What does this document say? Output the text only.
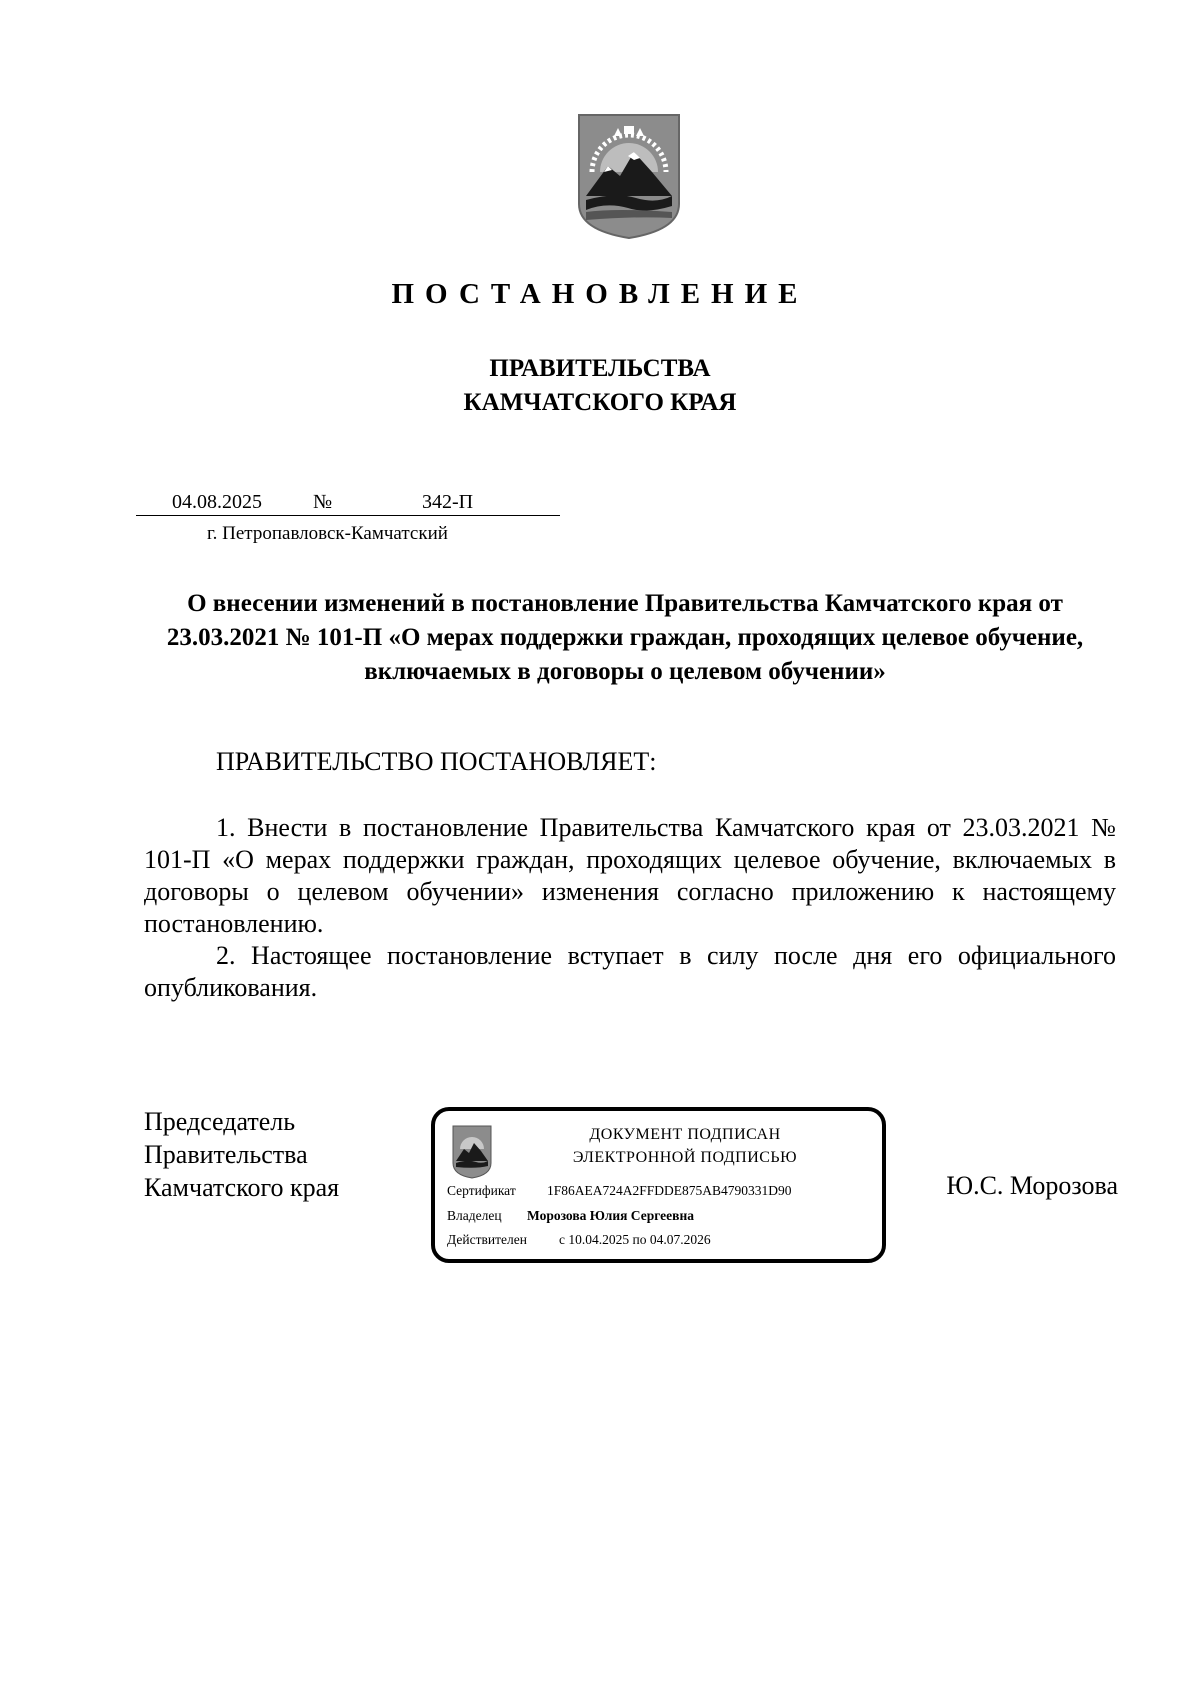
ПОСТАНОВЛЕНИЕ
ПРАВИТЕЛЬСТВА
КАМЧАТСКОГО КРАЯ
04.08.2025	№	342-П
г. Петропавловск-Камчатский
О внесении изменений в постановление Правительства Камчатского края от 23.03.2021 № 101-П «О мерах поддержки граждан, проходящих целевое обучение, включаемых в договоры о целевом обучении»
ПРАВИТЕЛЬСТВО ПОСТАНОВЛЯЕТ:

1. Внести в постановление Правительства Камчатского края от 23.03.2021 № 101-П «О мерах поддержки граждан, проходящих целевое обучение, включаемых в договоры о целевом обучении» изменения согласно приложению к настоящему постановлению.

2. Настоящее постановление вступает в силу после дня его официального опубликования.

Председатель
Правительства
Камчатского края
ДОКУМЕНТ ПОДПИСАН
ЭЛЕКТРОННОЙ ПОДПИСЬЮ
Сертификат 1F86AEA724A2FFDDE875AB4790331D90
Владелец Морозова Юлия Сергеевна
Действителен с 10.04.2025 по 04.07.2026
Ю.С. Морозова
